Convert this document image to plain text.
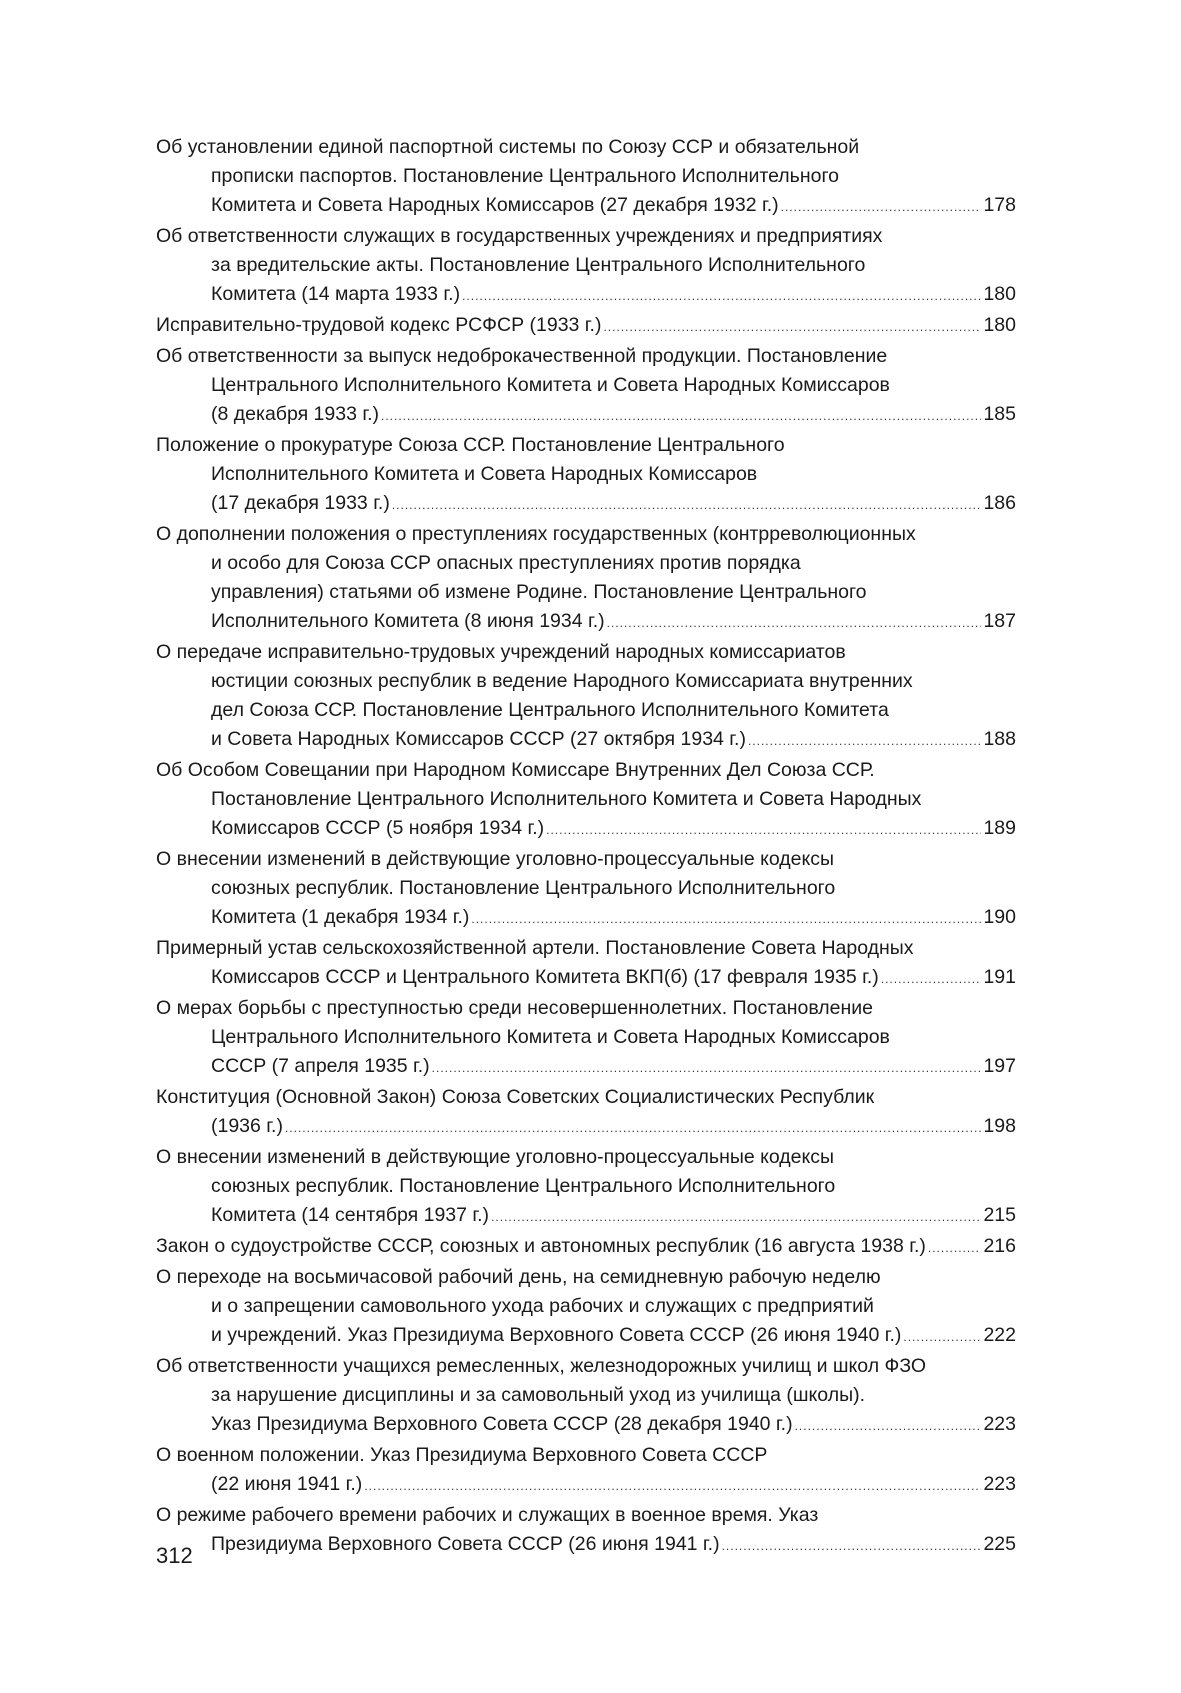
Об установлении единой паспортной системы по Союзу ССР и обязательной
прописки паспортов. Постановление Центрального Исполнительного
Комитета и Совета Народных Комиссаров (27 декабря 1932 г.) .....	178
Об ответственности служащих в государственных учреждениях и предприятиях
за вредительские акты. Постановление Центрального Исполнительного
Комитета (14 марта 1933 г.) .....	180
Исправительно-трудовой кодекс РСФСР (1933 г.) .....	180
Об ответственности за выпуск недоброкачественной продукции. Постановление
Центрального Исполнительного Комитета и Совета Народных Комиссаров
(8 декабря 1933 г.) .....	185
Положение о прокуратуре Союза ССР. Постановление Центрального
Исполнительного Комитета и Совета Народных Комиссаров
(17 декабря 1933 г.) .....	186
О дополнении положения о преступлениях государственных (контрреволюционных
и особо для Союза ССР опасных преступлениях против порядка
управления) статьями об измене Родине. Постановление Центрального
Исполнительного Комитета (8 июня 1934 г.) .....	187
О передаче исправительно-трудовых учреждений народных комиссариатов
юстиции союзных республик в ведение Народного Комиссариата внутренних
дел Союза ССР. Постановление Центрального Исполнительного Комитета
и Совета Народных Комиссаров СССР (27 октября 1934 г.) .....	188
Об Особом Совещании при Народном Комиссаре Внутренних Дел Союза ССР.
Постановление Центрального Исполнительного Комитета и Совета Народных
Комиссаров СССР (5 ноября 1934 г.) .....	189
О внесении изменений в действующие уголовно-процессуальные кодексы
союзных республик. Постановление Центрального Исполнительного
Комитета (1 декабря 1934 г.) .....	190
Примерный устав сельскохозяйственной артели. Постановление Совета Народных
Комиссаров СССР и Центрального Комитета ВКП(б) (17 февраля 1935 г.) .....	191
О мерах борьбы с преступностью среди несовершеннолетних. Постановление
Центрального Исполнительного Комитета и Совета Народных Комиссаров
СССР (7 апреля 1935 г.) .....	197
Конституция (Основной Закон) Союза Советских Социалистических Республик
(1936 г.) .....	198
О внесении изменений в действующие уголовно-процессуальные кодексы
союзных республик. Постановление Центрального Исполнительного
Комитета (14 сентября 1937 г.) .....	215
Закон о судоустройстве СССР, союзных и автономных республик (16 августа 1938 г.) .....	216
О переходе на восьмичасовой рабочий день, на семидневную рабочую неделю
и о запрещении самовольного ухода рабочих и служащих с предприятий
и учреждений. Указ Президиума Верховного Совета СССР (26 июня 1940 г.) .....	222
Об ответственности учащихся ремесленных, железнодорожных училищ и школ ФЗО
за нарушение дисциплины и за самовольный уход из училища (школы).
Указ Президиума Верховного Совета СССР (28 декабря 1940 г.) .....	223
О военном положении. Указ Президиума Верховного Совета СССР
(22 июня 1941 г.) .....	223
О режиме рабочего времени рабочих и служащих в военное время. Указ
Президиума Верховного Совета СССР (26 июня 1941 г.) .....	225
312
